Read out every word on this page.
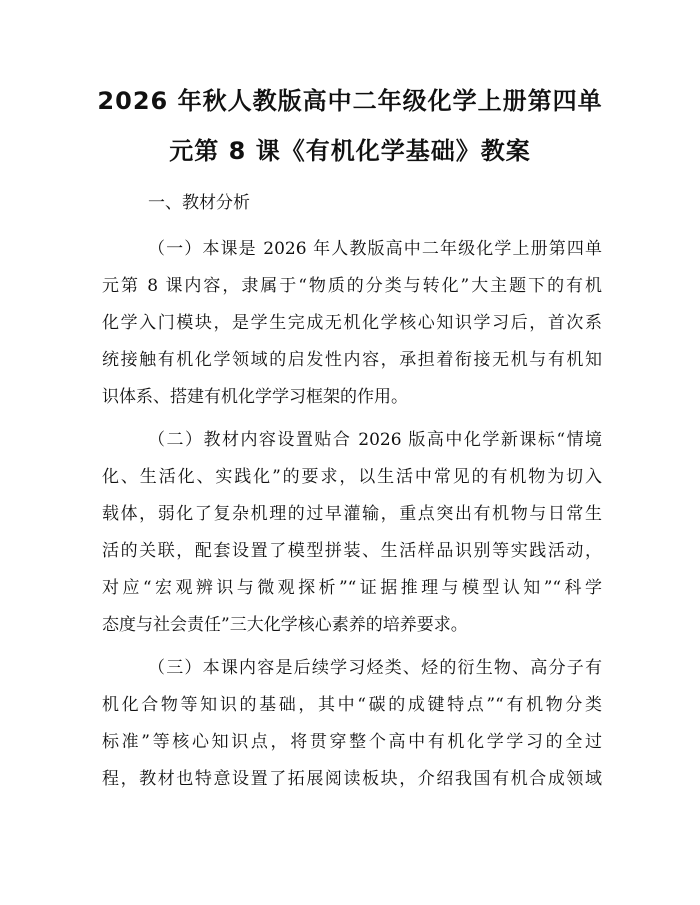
2026 年秋人教版高中二年级化学上册第四单
元第 8 课《有机化学基础》教案

一、教材分析

（一）本课是 2026 年人教版高中二年级化学上册第四单
元第 8 课内容，隶属于“物质的分类与转化”大主题下的有机
化学入门模块，是学生完成无机化学核心知识学习后，首次系
统接触有机化学领域的启发性内容，承担着衔接无机与有机知
识体系、搭建有机化学学习框架的作用。

（二）教材内容设置贴合 2026 版高中化学新课标“情境
化、生活化、实践化”的要求，以生活中常见的有机物为切入
载体，弱化了复杂机理的过早灌输，重点突出有机物与日常生
活的关联，配套设置了模型拼装、生活样品识别等实践活动，
对应“宏观辨识与微观探析”“证据推理与模型认知”“科学
态度与社会责任”三大化学核心素养的培养要求。

（三）本课内容是后续学习烃类、烃的衍生物、高分子有
机化合物等知识的基础，其中“碳的成键特点”“有机物分类
标准”等核心知识点，将贯穿整个高中有机化学学习的全过
程，教材也特意设置了拓展阅读板块，介绍我国有机合成领域
